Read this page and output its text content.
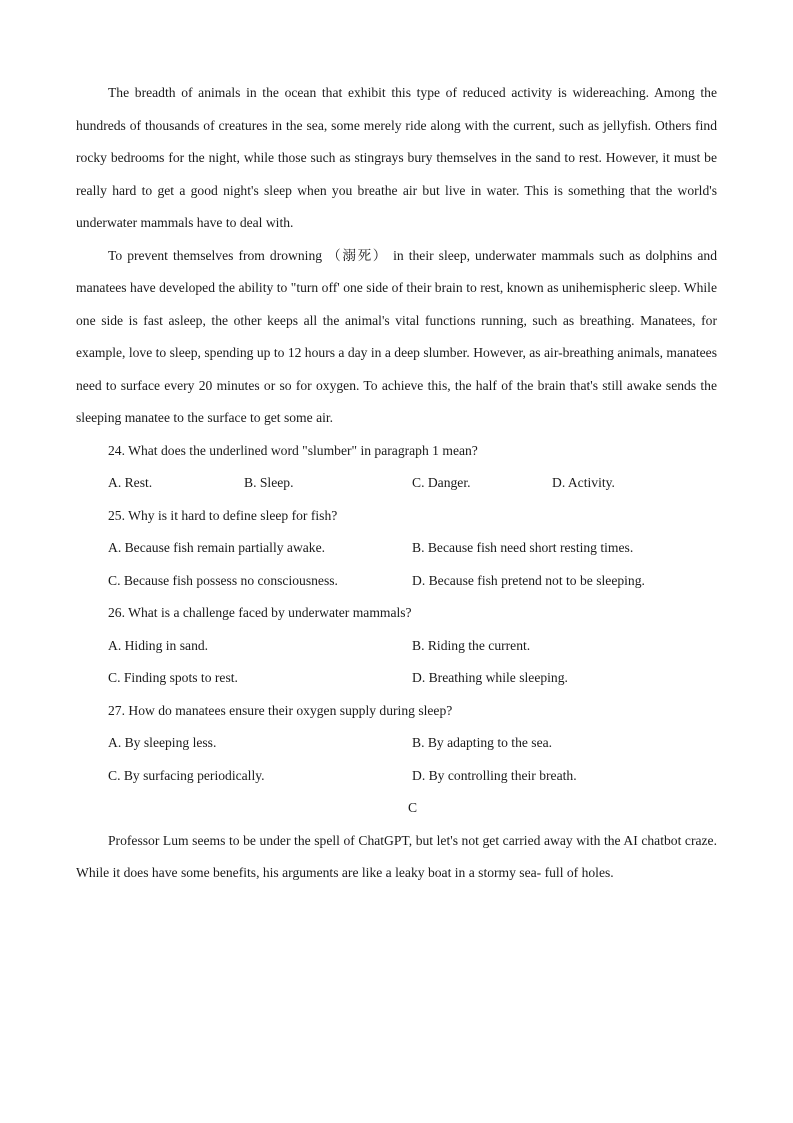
The breadth of animals in the ocean that exhibit this type of reduced activity is widereaching. Among the hundreds of thousands of creatures in the sea, some merely ride along with the current, such as jellyfish. Others find rocky bedrooms for the night, while those such as stingrays bury themselves in the sand to rest. However, it must be really hard to get a good night's sleep when you breathe air but live in water. This is something that the world's underwater mammals have to deal with.

To prevent themselves from drowning （溺死） in their sleep, underwater mammals such as dolphins and manatees have developed the ability to "turn off' one side of their brain to rest, known as unihemispheric sleep. While one side is fast asleep, the other keeps all the animal's vital functions running, such as breathing. Manatees, for example, love to sleep, spending up to 12 hours a day in a deep slumber. However, as air-breathing animals, manatees need to surface every 20 minutes or so for oxygen. To achieve this, the half of the brain that's still awake sends the sleeping manatee to the surface to get some air.

24. What does the underlined word "slumber" in paragraph 1 mean?

A. Rest.	B. Sleep.	C. Danger.	D. Activity.

25. Why is it hard to define sleep for fish?

A. Because fish remain partially awake.	B. Because fish need short resting times.
C. Because fish possess no consciousness.	D. Because fish pretend not to be sleeping.

26. What is a challenge faced by underwater mammals?

A. Hiding in sand.	B. Riding the current.
C. Finding spots to rest.	D. Breathing while sleeping.

27. How do manatees ensure their oxygen supply during sleep?

A. By sleeping less.	B. By adapting to the sea.
C. By surfacing periodically.	D. By controlling their breath.

C

Professor Lum seems to be under the spell of ChatGPT, but let's not get carried away with the AI chatbot craze. While it does have some benefits, his arguments are like a leaky boat in a stormy sea- full of holes.
